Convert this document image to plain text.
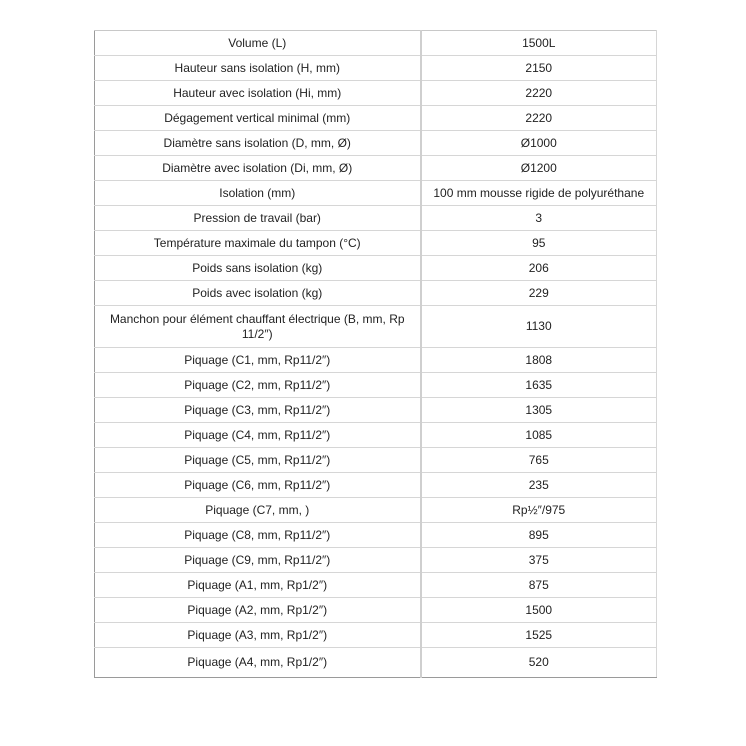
Volume (L)	1500L
Hauteur sans isolation (H, mm)	2150
Hauteur avec isolation (Hi, mm)	2220
Dégagement vertical minimal (mm)	2220
Diamètre sans isolation (D, mm, Ø)	Ø1000
Diamètre avec isolation (Di, mm, Ø)	Ø1200
Isolation (mm)	100 mm mousse rigide de polyuréthane
Pression de travail (bar)	3
Température maximale du tampon (°C)	95
Poids sans isolation (kg)	206
Poids avec isolation (kg)	229
Manchon pour élément chauffant électrique (B, mm, Rp 11/2″)	1130
Piquage (C1, mm, Rp11/2″)	1808
Piquage (C2, mm, Rp11/2″)	1635
Piquage (C3, mm, Rp11/2″)	1305
Piquage (C4, mm, Rp11/2″)	1085
Piquage (C5, mm, Rp11/2″)	765
Piquage (C6, mm, Rp11/2″)	235
Piquage (C7, mm, )	Rp½″/975
Piquage (C8, mm, Rp11/2″)	895
Piquage (C9, mm, Rp11/2″)	375
Piquage (A1, mm, Rp1/2″)	875
Piquage (A2, mm, Rp1/2″)	1500
Piquage (A3, mm, Rp1/2″)	1525
Piquage (A4, mm, Rp1/2″)	520
